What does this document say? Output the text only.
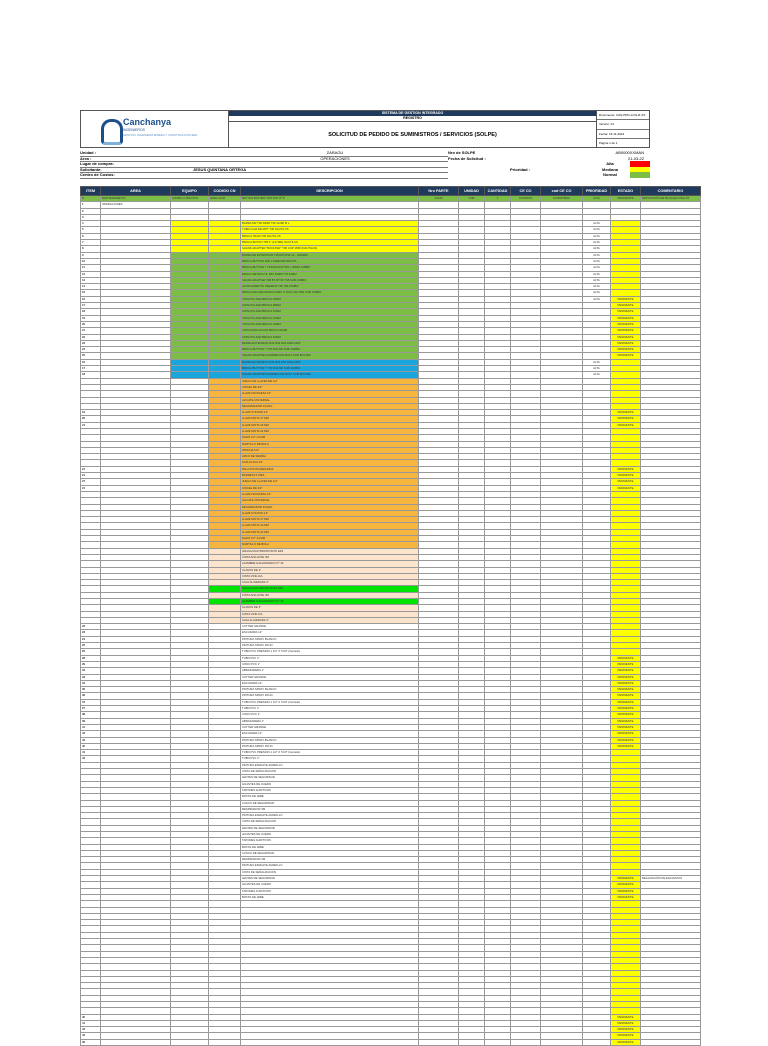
Canchanya
INGENIEROS
GESTIÓN, INGENIERÍA MINERA Y CONSTRUCCIÓN EIRL
SISTEMA DE GESTION INTEGRADO
REGISTRO
SOLICITUD DE PEDIDO DE SUMINISTROS / SERVICIOS (SOLPE)
Documento: CAN-PRO-LOG-R-XX
Version: 01
Fecha: 15-11-2024
Página 1 de 1
Unidad :	ZARAGU
Area :	OPERACIONES
Lugar de compra:
Solicitante:	JESUS QUINTANA ORTEGA
Centro de Costos:
Nro de SOLPE	AB0000XXMAN
Fecha de Solicitud :	21-03-22
Prioridad :
Alta
Mediana
Normal
ITEM	AREA	EQUIPO	CODIGO CN	DESCRIPCION	Nro PARTE	UNIDAD	CANTIDAD	CE CO	cod CE CO	PRIORIDAD	ESTADO	COMENTARIO
0	MANTENIMIENTO	JUMBO H 1833 SVS	20000-1234	BATTON BATTERY BATTON Nº 8	12345	UND	1	CATODOS	12345678901	ALTA	PENDIENTE	REPOSICIÓN DE BLOQUE FINAL PT
1	OPERACIONES											
2												
3												
4				BARRA MP T38 RD38 T38 12180 M L						ALTA		
5				TUBO GUIA DE MPT T38 NAUTILUS						ALTA		
6				BROCA TRAM T38 NAUTILUS						ALTA		
7				BROCA BOTON T38 6" (127MM) NAUTILUS						ALTA		
8				SHANK ADAPTER "BOOLTER" T38 COP 1838 (NAUTILUS)						ALTA		
9				BARRA DE EXTENSION T38 R25 R32 14 - 3240MM						ALTA		
10				BROCA BUTTON R32 L 51MM RETRACTIL						ALTA		
11				BROCA BUTTON 7 T45/A32 R32 545 L 45MM JUMBO						ALTA		
12				BROCA RETRACTIL R32 60MM T78 64MM						ALTA		
13				SHANK ADAPTER T38 B7-RT-56 T38 SUB JUMBO						ALTA		
14				ACOPLAMIENTO PERMAN T38 T38 JUMBO						ALTA		
15				BROCA ESCARIADORA DOMO 4" R32 (102 MM) SUB JUMBO						ALTA		
16				COPA PULSAR BROCA 45MM						ALTA	PENDIENTE	
17				COPA PULSAR BROCA 38MM							PENDIENTE	
18				COPA PULSAR BROCA 51MM							PENDIENTE	
19				COPA PULSAR BROCA 51MM							PENDIENTE	
20				COPA PULSAR BROCA 64MM							PENDIENTE	
21				COPA PARA AFILAR BROCA 51MM							PENDIENTE	
22				COPA PULSAR BROCA 51MM							PENDIENTE	
23				BARRA EXTENSION R32 R32 R32 1800-2400							PENDIENTE	
24				BROCA BUTTON 7 T7R R32 8M SUB JUMBO							PENDIENTE	
25				SHANK ADAPTER HAMMER R32 BOLT SUB BOLTER							PENDIENTE	
16				BARRA EXTENSION R32 R32 R32 1800-2400						ALTA		
17				BROCA BUTTON 7 T7R R32 8M SUB JUMBO						ALTA		
18				SHANK ADAPTER HAMMER R32 BOLT SUB BOLTER						ALTA		
				JUEGO DE LLAVES DE 1/2"								
				CINCEL DE 3/4"								
				LLAVE FRANCESA 12"								
				ALICATE UNIVERSAL								
				DESARMADOR PLANO								
19				LLAVE STILSON 14"							PENDIENTE	
20				LLAVE MIXTA 17 MM							PENDIENTE	
21				LLAVE MIXTA 19 MM							PENDIENTE	
				LLAVE MIXTA 22 MM								
				DADO 1/2" 24 MM								
				MARTILLO DE BOLA								
				WINCHA 5 M								
				ARCO DE SIERRA								
				LIMA PLANA 10"								
21				PALA PUNTA REDONDA							PENDIENTE	
21				BARRETA 5 PIES							PENDIENTE	
27				JUEGO DE LLAVES DE 1/2"							PENDIENTE	
21				CINCEL DE 3/4"							PENDIENTE	
				LLAVE FRANCESA 12"								
				ALICATE UNIVERSAL								
				DESARMADOR PLANO								
				LLAVE STILSON 14"								
				LLAVE MIXTA 17 MM								
				LLAVE MIXTA 19 MM								
				LLAVE MIXTA 22 MM								
				DADO 1/2" 24 MM								
				MARTILLO DE BOLA								
				GRASA MULTIPROPOSITO EP2								
				CINTA AISLANTE 3M								
				ALAMBRE GALVANIZADO Nº 16								
				CLAVOS DE 3"								
				CINTA VINILICA								
				CAJA ALIGERADA 3"								
				GRASA MULTIPROPOSITO EP2								
				CINTA AISLANTE 3M								
				ALAMBRE GALVANIZADO Nº 16								
				CLAVOS DE 3"								
				CINTA VINILICA								
				CAJA ALIGERADA 3"								
22				CUTTER GRANDE								
23				ESCUADRA 12"								
24				PINTURA SPRAY BLANCO								
25				PINTURA SPRAY ROJO								
26				TUBO PVC PRESION 1 1/2" X 5 MT (Cerrado)								
28				TUBO PVC 1"							PENDIENTE	
29				CODO PVC 1"							PENDIENTE	
32				ABRAZADERA 1"							PENDIENTE	
33				CUTTER GRANDE							PENDIENTE	
34				ESCUADRA 12"							PENDIENTE	
35				PINTURA SPRAY BLANCO							PENDIENTE	
36				PINTURA SPRAY ROJO							PENDIENTE	
37				TUBO PVC PRESION 1 1/2" X 5 MT (Cerrado)							PENDIENTE	
27				TUBO PVC 1"							PENDIENTE	
38				CODO PVC 1"							PENDIENTE	
39				ABRAZADERA 1"							PENDIENTE	
41				CUTTER GRANDE							PENDIENTE	
42				ESCUADRA 12"							PENDIENTE	
43				PINTURA SPRAY BLANCO							PENDIENTE	
40				PINTURA SPRAY ROJO							PENDIENTE	
41				TUBO PVC PRESION 1 1/2" X 5 MT (Cerrado)								
42				TUBO PVC 1"								
				PINTURA ESMALTE AMARILLO								
				CINTA DE SEÑALIZACION								
				LENTES DE SEGURIDAD								
				GUANTES DE CUERO								
				TAPONES AUDITIVOS								
				BOTAS DE JEBE								
				CASCO DE SEGURIDAD								
				RESPIRADOR 3M								
				PINTURA ESMALTE AMARILLO								
				CINTA DE SEÑALIZACION								
				LENTES DE SEGURIDAD								
				GUANTES DE CUERO								
				TAPONES AUDITIVOS								
				BOTAS DE JEBE								
				CASCO DE SEGURIDAD								
				RESPIRADOR 3M								
				PINTURA ESMALTE AMARILLO								
				CINTA DE SEÑALIZACION								
				LENTES DE SEGURIDAD							PENDIENTE	REALIZACIÓN DE ESCAVATAS
				GUANTES DE CUERO							PENDIENTE	
				TAPONES AUDITIVOS							PENDIENTE	
				BOTAS DE JEBE							PENDIENTE	

40											PENDIENTE	
41											PENDIENTE	
42											PENDIENTE	
43											PENDIENTE	
36											PENDIENTE	
